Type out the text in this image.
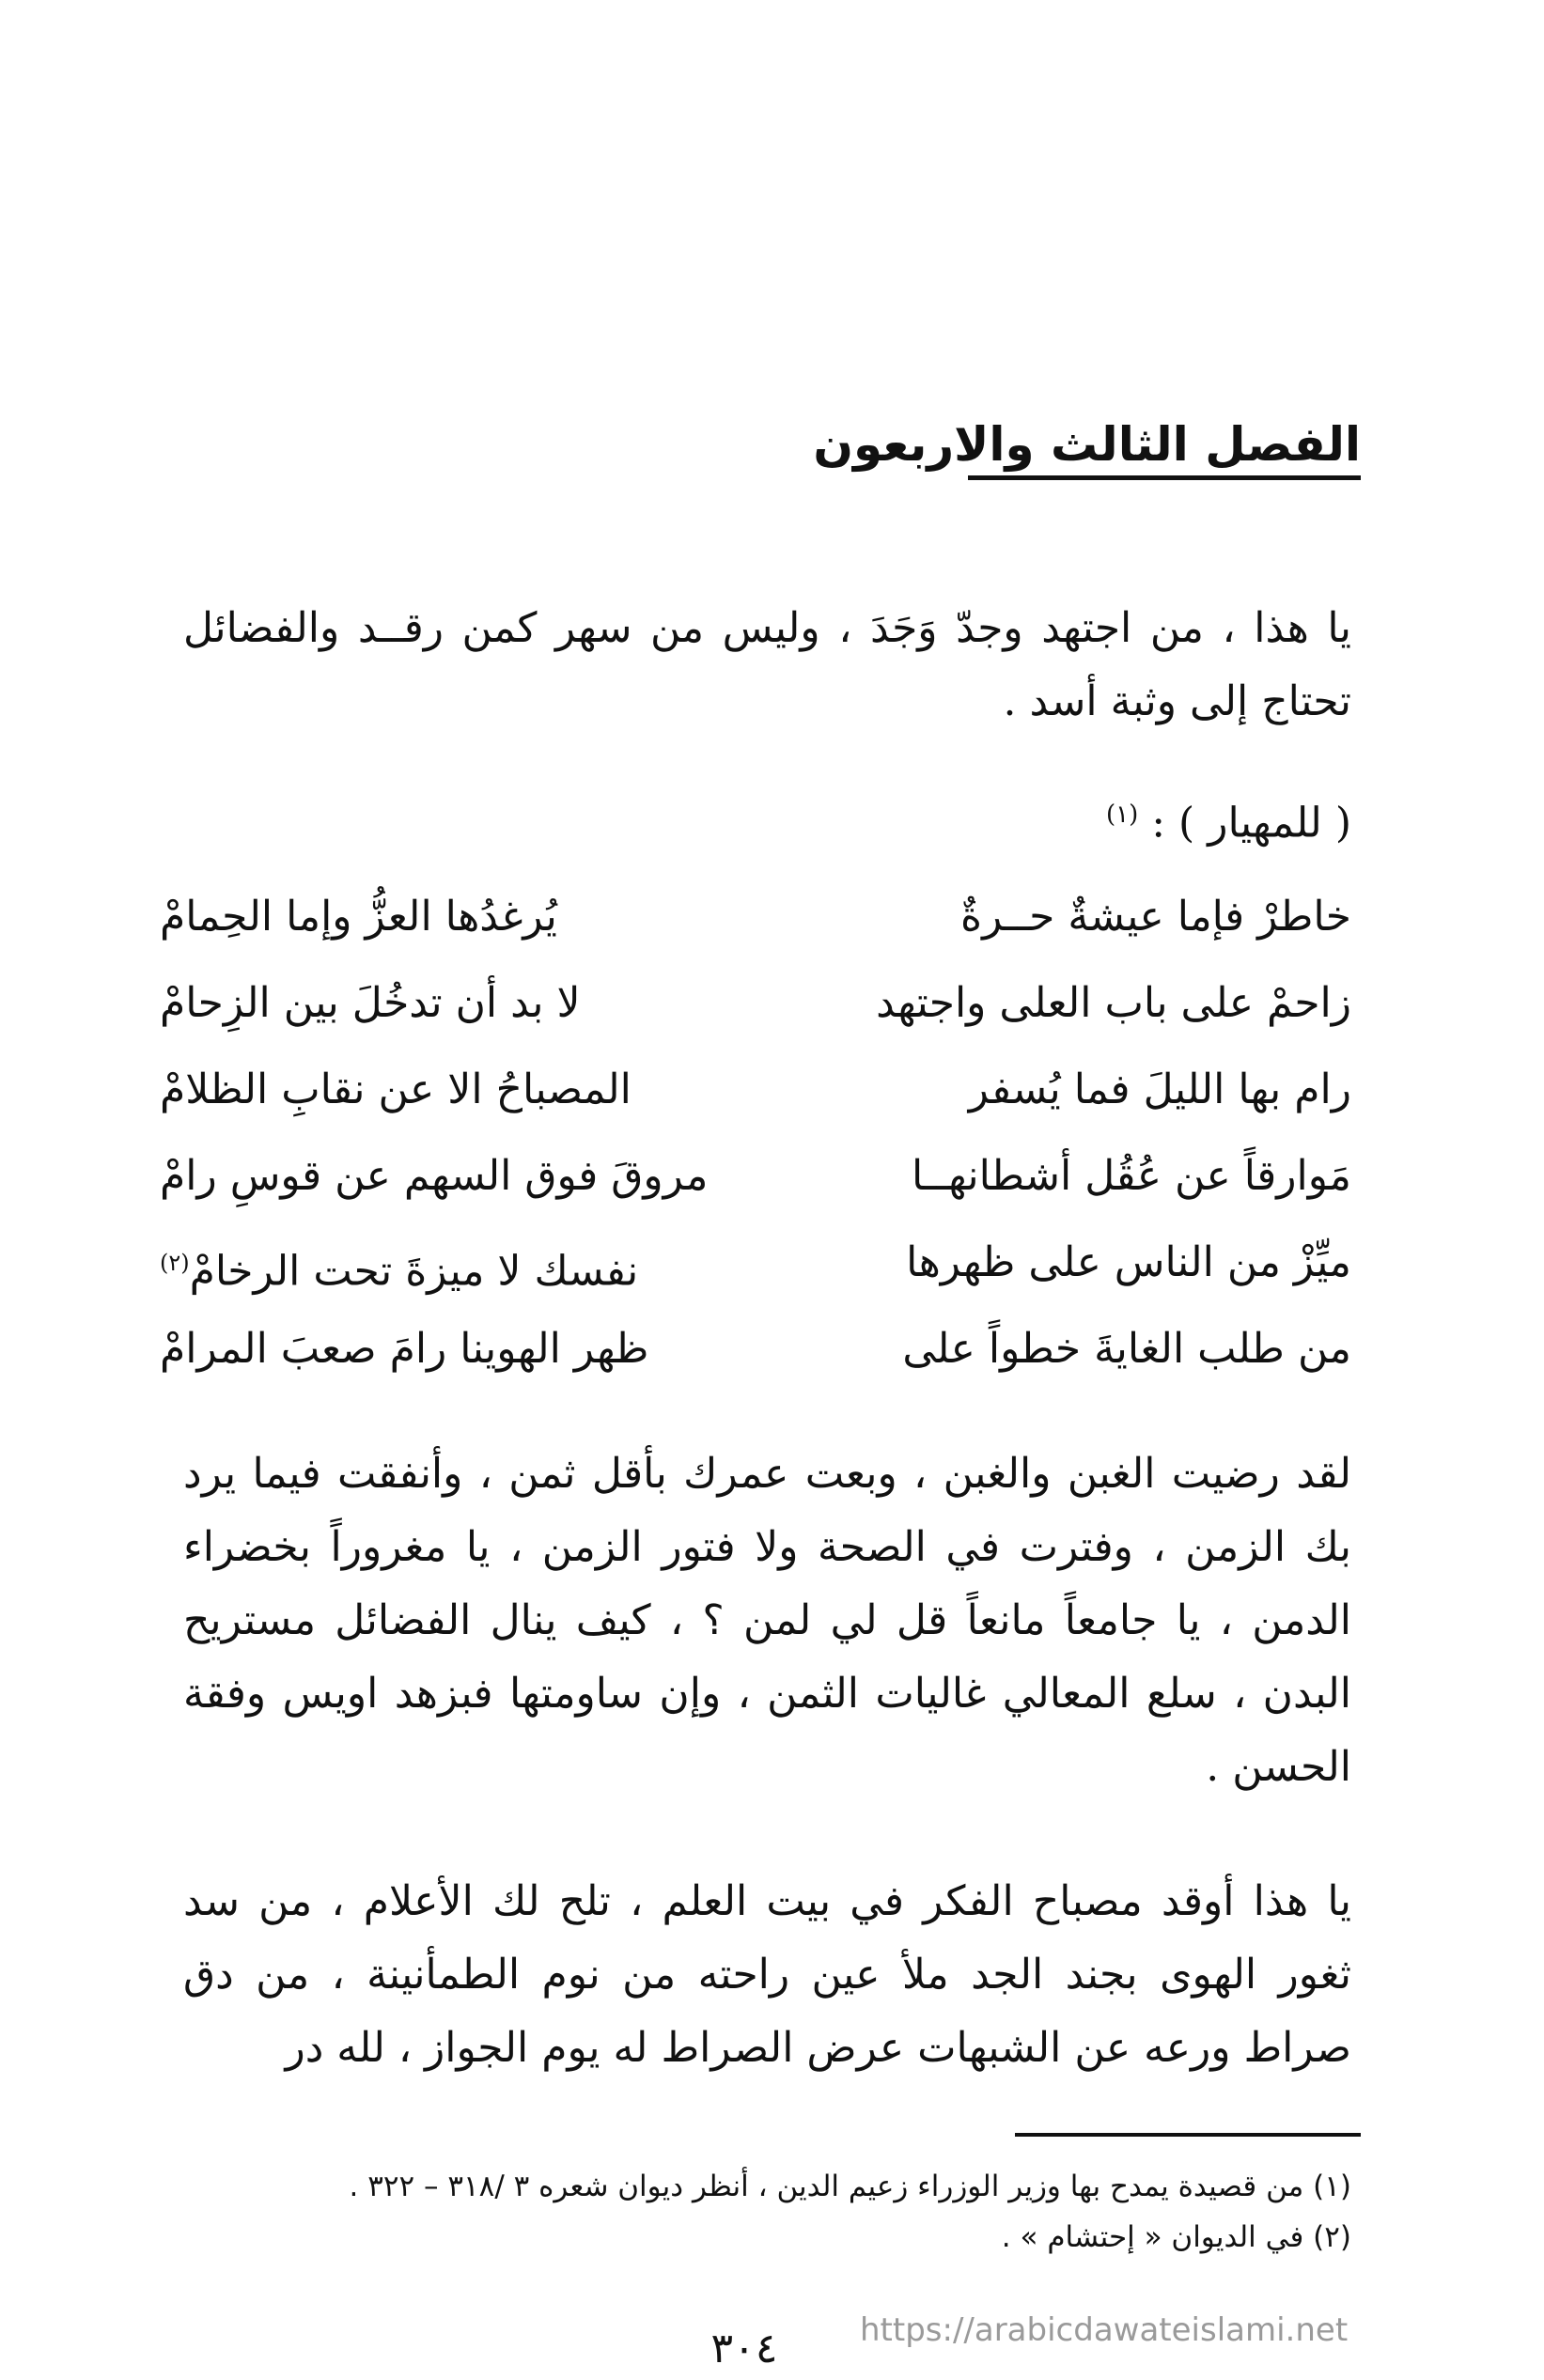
الفصل الثالث والاربعون

يا هذا ، من اجتهد وجدّ وَجَدَ ، وليس من سهر كمن رقــد والفضائل تحتاج إلى وثبة أسد .

( للمهيار ) : $^{(١)}$

خاطرْ فإما عيشةٌ حــرةٌ
يُرغدُها العزُّ وإما الحِمامْ
زاحمْ على باب العلى واجتهد
لا بد أن تدخُلَ بين الزِحامْ
رام بها الليلَ فما يُسفر
المصباحُ الا عن نقابِ الظلامْ
مَوارقاً عن عُقُل أشطانهــا
مروقَ فوق السهم عن قوسِ رامْ
ميِّزْ من الناس على ظهرها
نفسك لا ميزةَ تحت الرخامْ$^{(٢)}$
من طلب الغايةَ خطواً على
ظهر الهوينا رامَ صعبَ المرامْ

لقد رضيت الغبن والغبن ، وبعت عمرك بأقل ثمن ، وأنفقت فيما يرد بك الزمن ، وفترت في الصحة ولا فتور الزمن ، يا مغروراً بخضراء الدمن ، يا جامعاً مانعاً قل لي لمن ؟ ، كيف ينال الفضائل مستريح البدن ، سلع المعالي غاليات الثمن ، وإن ساومتها فبزهد اويس وفقة الحسن .

يا هذا أوقد مصباح الفكر في بيت العلم ، تلح لك الأعلام ، من سد ثغور الهوى بجند الجد ملأ عين راحته من نوم الطمأنينة ، من دق صراط ورعه عن الشبهات عرض الصراط له يوم الجواز ، لله در

(١) من قصيدة يمدح بها وزير الوزراء زعيم الدين ، أنظر ديوان شعره ٣ /٣١٨ – ٣٢٢ .
(٢) في الديوان « إحتشام » .

٣٠٤	https://arabicdawateislami.net
